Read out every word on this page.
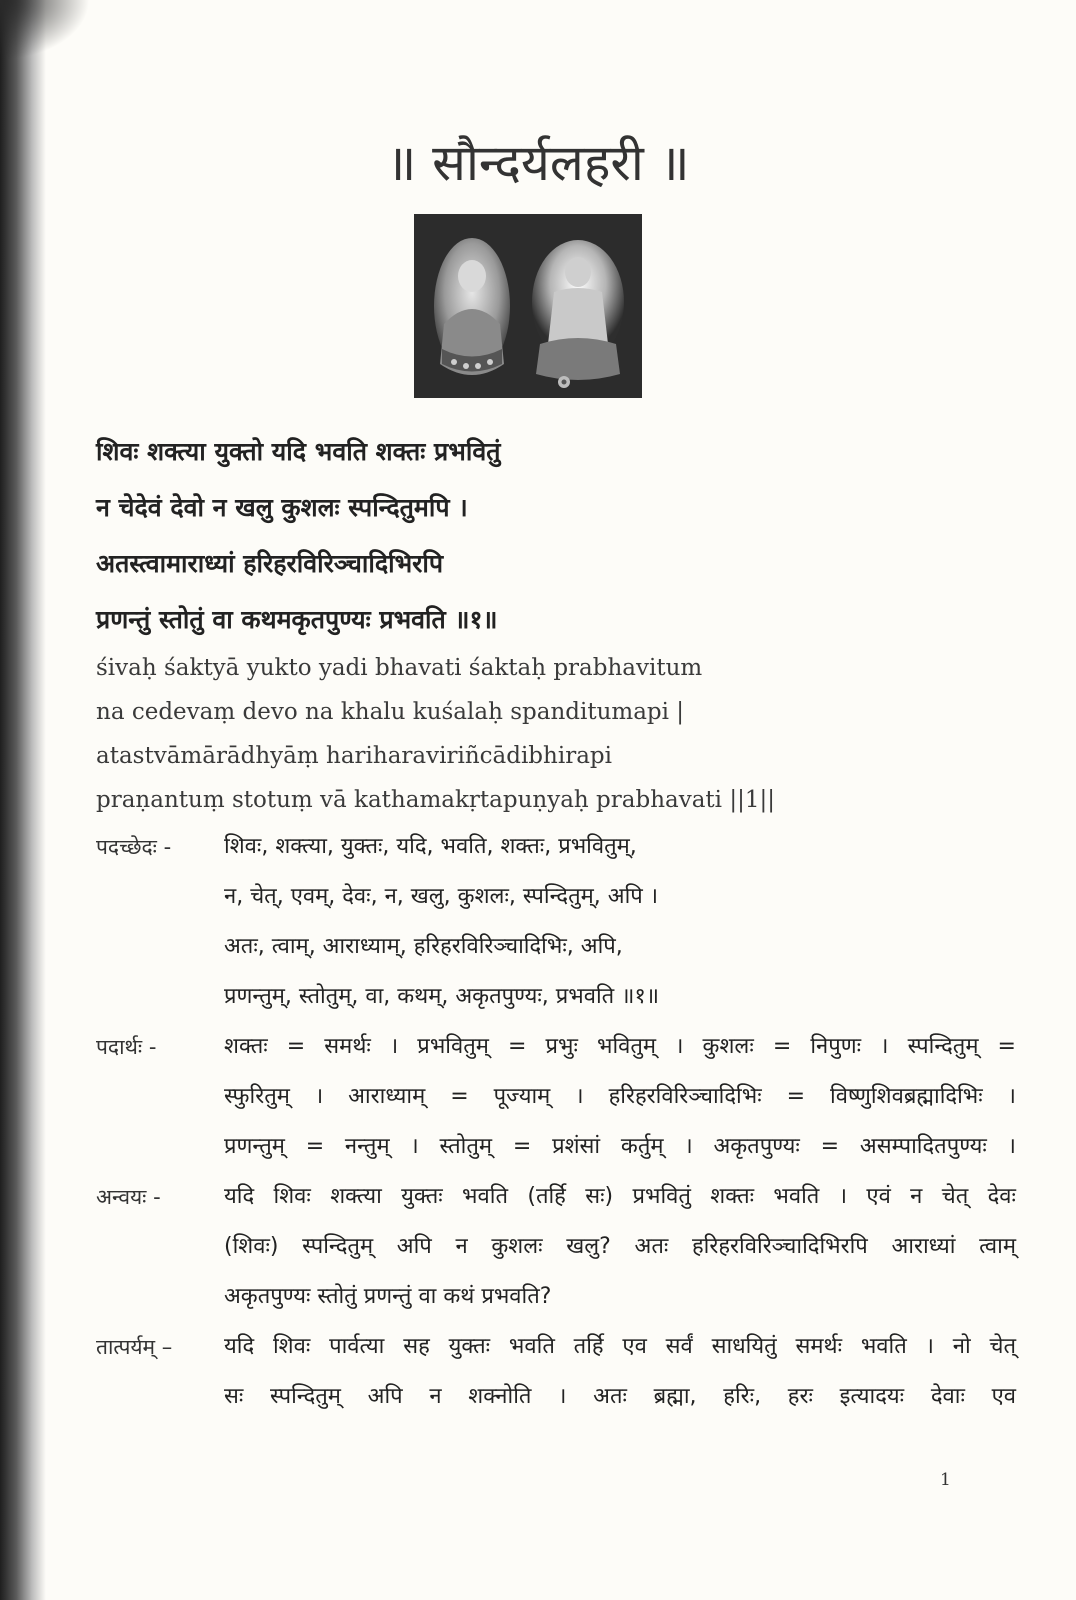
॥ सौन्दर्यलहरी ॥
शिवः शक्त्या युक्तो यदि भवति शक्तः प्रभवितुं
न चेदेवं देवो न खलु कुशलः स्पन्दितुमपि ।
अतस्त्वामाराध्यां हरिहरविरिञ्चादिभिरपि
प्रणन्तुं स्तोतुं वा कथमकृतपुण्यः प्रभवति ॥१॥
śivaḥ śaktyā yukto yadi bhavati śaktaḥ prabhavitum
na cedevaṃ devo na khalu kuśalaḥ spanditumapi |
atastvāmārādhyāṃ hariharaviriñcādibhirapi
praṇantuṃ stotuṃ vā kathamakṛtapuṇyaḥ prabhavati ||1||
पदच्छेदः -	शिवः, शक्त्या, युक्तः, यदि, भवति, शक्तः, प्रभवितुम्,
न, चेत्, एवम्, देवः, न, खलु, कुशलः, स्पन्दितुम्, अपि ।
अतः, त्वाम्, आराध्याम्, हरिहरविरिञ्चादिभिः, अपि,
प्रणन्तुम्, स्तोतुम्, वा, कथम्, अकृतपुण्यः, प्रभवति ॥१॥
पदार्थः -	शक्तः = समर्थः । प्रभवितुम् = प्रभुः भवितुम् । कुशलः = निपुणः । स्पन्दितुम् =
स्फुरितुम् । आराध्याम् = पूज्याम् । हरिहरविरिञ्चादिभिः = विष्णुशिवब्रह्मादिभिः ।
प्रणन्तुम् = नन्तुम् । स्तोतुम् = प्रशंसां कर्तुम् । अकृतपुण्यः = असम्पादितपुण्यः ।
अन्वयः -	यदि शिवः शक्त्या युक्तः भवति (तर्हि सः) प्रभवितुं शक्तः भवति । एवं न चेत् देवः
(शिवः) स्पन्दितुम् अपि न कुशलः खलु? अतः हरिहरविरिञ्चादिभिरपि आराध्यां त्वाम्
अकृतपुण्यः स्तोतुं प्रणन्तुं वा कथं प्रभवति?
तात्पर्यम् –	यदि शिवः पार्वत्या सह युक्तः भवति तर्हि एव सर्वं साधयितुं समर्थः भवति । नो चेत्
सः स्पन्दितुम् अपि न शक्नोति । अतः ब्रह्मा, हरिः, हरः इत्यादयः देवाः एव
1
